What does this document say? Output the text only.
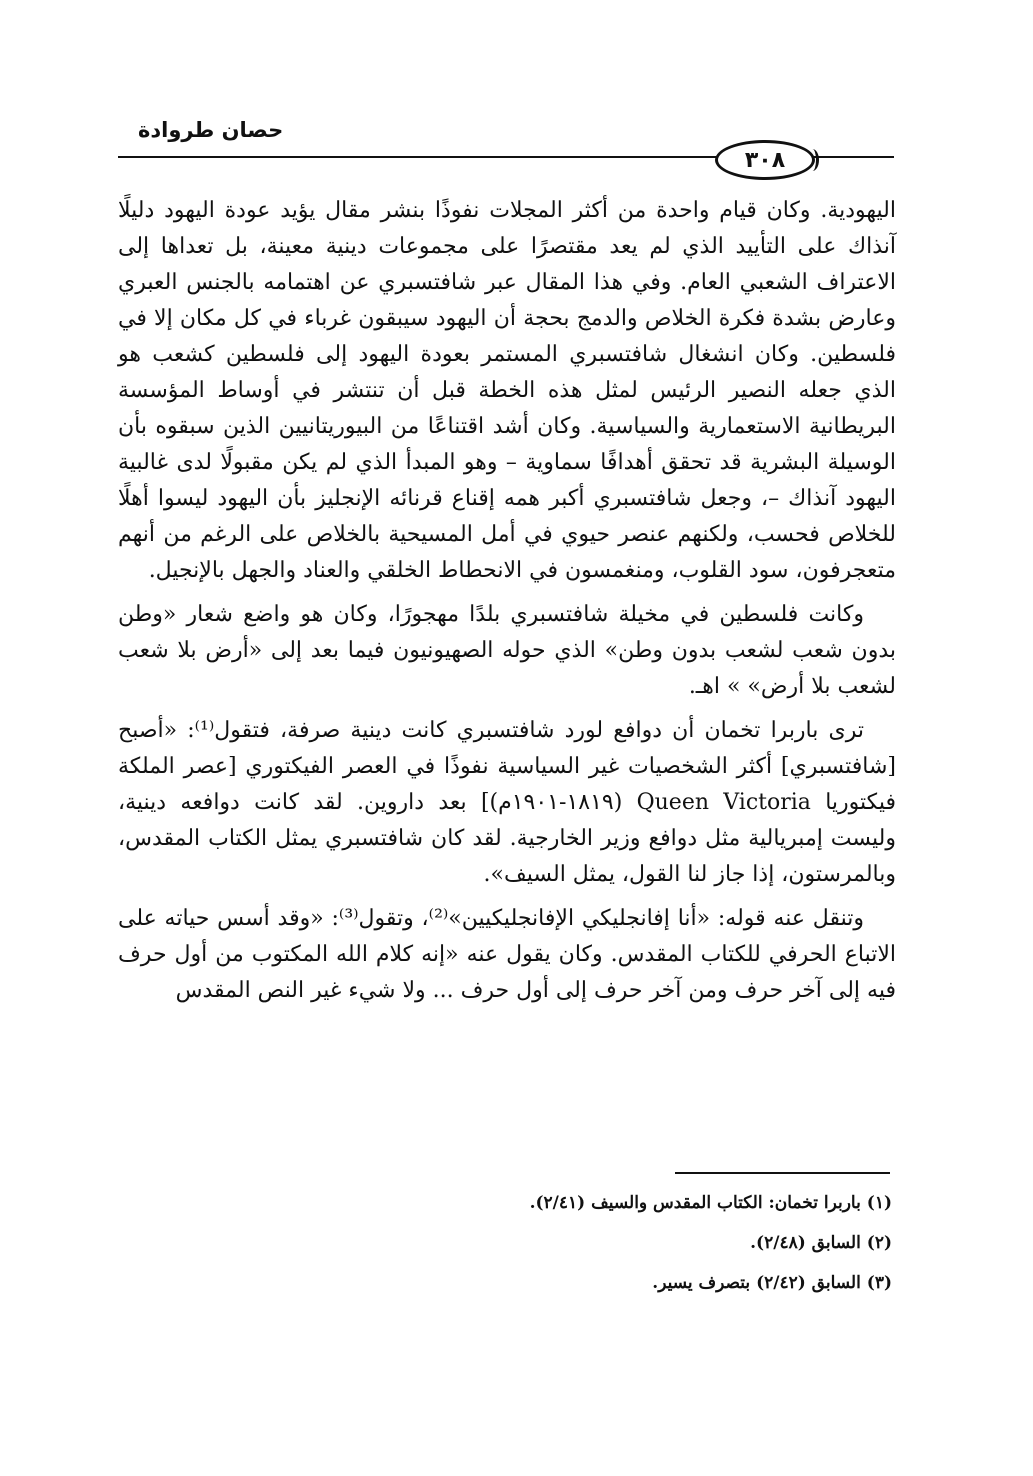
حصان طروادة
٣٠٨

اليهودية. وكان قيام واحدة من أكثر المجلات نفوذًا بنشر مقال يؤيد عودة اليهود دليلًا آنذاك على التأييد الذي لم يعد مقتصرًا على مجموعات دينية معينة، بل تعداها إلى الاعتراف الشعبي العام. وفي هذا المقال عبر شافتسبري عن اهتمامه بالجنس العبري وعارض بشدة فكرة الخلاص والدمج بحجة أن اليهود سيبقون غرباء في كل مكان إلا في فلسطين. وكان انشغال شافتسبري المستمر بعودة اليهود إلى فلسطين كشعب هو الذي جعله النصير الرئيس لمثل هذه الخطة قبل أن تنتشر في أوساط المؤسسة البريطانية الاستعمارية والسياسية. وكان أشد اقتناعًا من البيوريتانيين الذين سبقوه بأن الوسيلة البشرية قد تحقق أهدافًا سماوية – وهو المبدأ الذي لم يكن مقبولًا لدى غالبية اليهود آنذاك –، وجعل شافتسبري أكبر همه إقناع قرنائه الإنجليز بأن اليهود ليسوا أهلًا للخلاص فحسب، ولكنهم عنصر حيوي في أمل المسيحية بالخلاص على الرغم من أنهم متعجرفون، سود القلوب، ومنغمسون في الانحطاط الخلقي والعناد والجهل بالإنجيل.

وكانت فلسطين في مخيلة شافتسبري بلدًا مهجورًا، وكان هو واضع شعار «وطن بدون شعب لشعب بدون وطن» الذي حوله الصهيونيون فيما بعد إلى «أرض بلا شعب لشعب بلا أرض» » اهـ.

ترى باربرا تخمان أن دوافع لورد شافتسبري كانت دينية صرفة، فتقول⁽¹⁾: «أصبح [شافتسبري] أكثر الشخصيات غير السياسية نفوذًا في العصر الفيكتوري [عصر الملكة فيكتوريا Queen Victoria (١٨١٩-١٩٠١م)] بعد داروين. لقد كانت دوافعه دينية، وليست إمبريالية مثل دوافع وزير الخارجية. لقد كان شافتسبري يمثل الكتاب المقدس، وبالمرستون، إذا جاز لنا القول، يمثل السيف».

وتنقل عنه قوله: «أنا إفانجليكي الإفانجليكيين»⁽²⁾، وتقول⁽³⁾: «وقد أسس حياته على الاتباع الحرفي للكتاب المقدس. وكان يقول عنه «إنه كلام الله المكتوب من أول حرف فيه إلى آخر حرف ومن آخر حرف إلى أول حرف ... ولا شيء غير النص المقدس

(١) باربرا تخمان: الكتاب المقدس والسيف (٢/٤١).

(٢) السابق (٢/٤٨).

(٣) السابق (٢/٤٢) بتصرف يسير.
